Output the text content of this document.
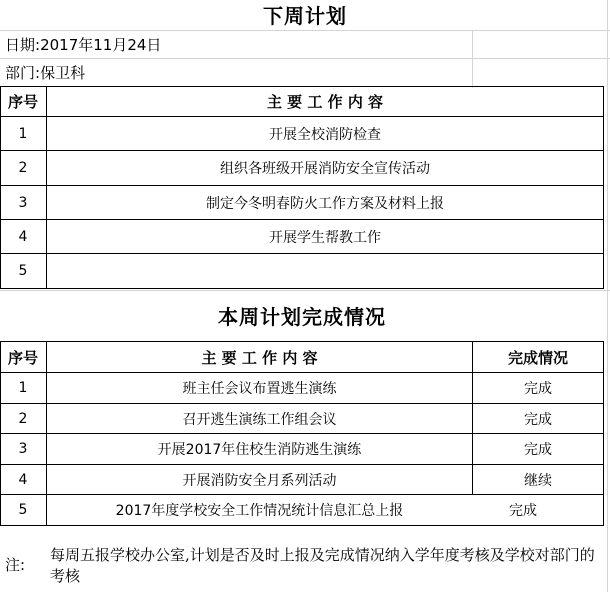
下周计划
日期: 2017年11月24日
部门: 保卫科
序号	主 要 工 作 内 容
1	开展全校消防检查
2	组织各班级开展消防安全宣传活动
3	制定今冬明春防火工作方案及材料上报
4	开展学生帮教工作
5
本周计划完成情况
序号	主 要 工 作 内 容	完成情况
1	班主任会议布置逃生演练	完成
2	召开逃生演练工作组会议	完成
3	开展2017年住校生消防逃生演练	完成
4	开展消防安全月系列活动	继续
5	2017年度学校安全工作情况统计信息汇总上报	完成
注:
每周五报学校办公室,计划是否及时上报及完成情况纳入学年度考核及学校对部门的考核
